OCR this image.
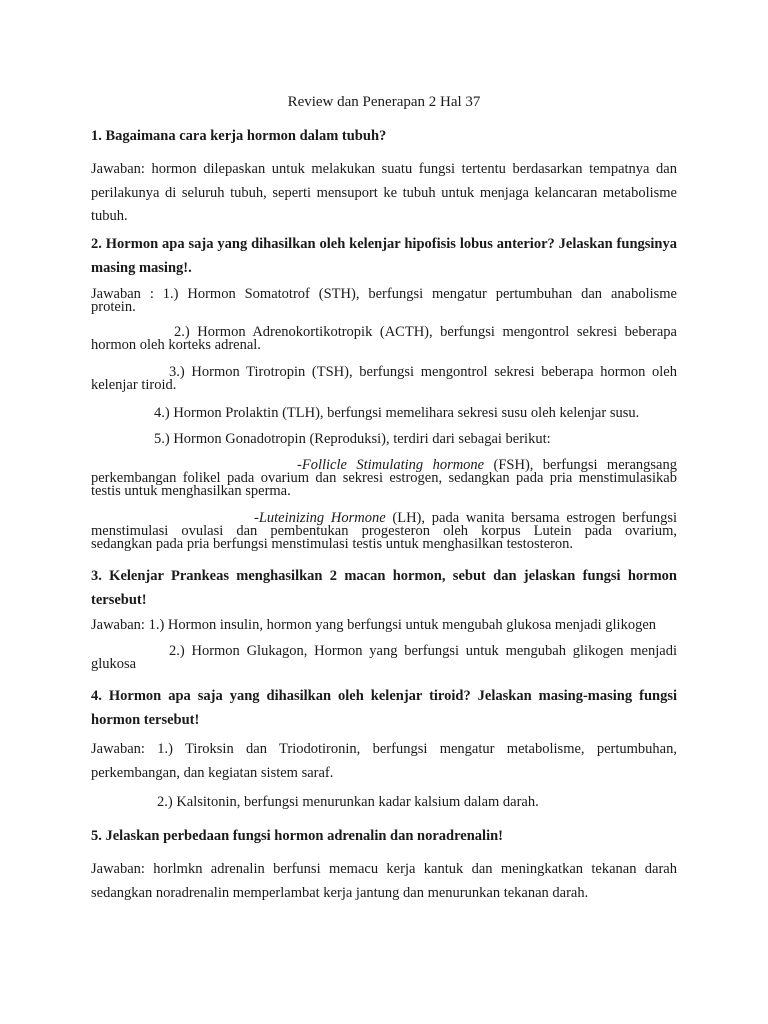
Review dan Penerapan 2 Hal 37

1. Bagaimana cara kerja hormon dalam tubuh?

Jawaban: hormon dilepaskan untuk melakukan suatu fungsi tertentu berdasarkan tempatnya dan perilakunya di seluruh tubuh, seperti mensuport ke tubuh untuk menjaga kelancaran metabolisme tubuh.

2. Hormon apa saja yang dihasilkan oleh kelenjar hipofisis lobus anterior? Jelaskan fungsinya masing masing!.

Jawaban : 1.) Hormon Somatotrof (STH), berfungsi mengatur pertumbuhan dan anabolisme
protein.
2.) Hormon Adrenokortikotropik (ACTH), berfungsi mengontrol sekresi beberapa
hormon oleh korteks adrenal.
3.) Hormon Tirotropin (TSH), berfungsi mengontrol sekresi beberapa hormon oleh
kelenjar tiroid.
4.) Hormon Prolaktin (TLH), berfungsi memelihara sekresi susu oleh kelenjar susu.
5.) Hormon Gonadotropin (Reproduksi), terdiri dari sebagai berikut:
-Follicle Stimulating hormone (FSH), berfungsi merangsang
perkembangan folikel pada ovarium dan sekresi estrogen, sedangkan pada pria menstimulasikab
testis untuk menghasilkan sperma.
-Luteinizing Hormone (LH), pada wanita bersama estrogen berfungsi
menstimulasi ovulasi dan pembentukan progesteron oleh korpus Lutein pada ovarium,
sedangkan pada pria berfungsi menstimulasi testis untuk menghasilkan testosteron.

3. Kelenjar Prankeas menghasilkan 2 macan hormon, sebut dan jelaskan fungsi hormon tersebut!

Jawaban: 1.) Hormon insulin, hormon yang berfungsi untuk mengubah glukosa menjadi glikogen
2.) Hormon Glukagon, Hormon yang berfungsi untuk mengubah glikogen menjadi
glukosa

4. Hormon apa saja yang dihasilkan oleh kelenjar tiroid? Jelaskan masing-masing fungsi hormon tersebut!

Jawaban: 1.) Tiroksin dan Triodotironin, berfungsi mengatur metabolisme, pertumbuhan, perkembangan, dan kegiatan sistem saraf.

2.) Kalsitonin, berfungsi menurunkan kadar kalsium dalam darah.

5. Jelaskan perbedaan fungsi hormon adrenalin dan noradrenalin!

Jawaban: horlmkn adrenalin berfunsi memacu kerja kantuk dan meningkatkan tekanan darah sedangkan noradrenalin memperlambat kerja jantung dan menurunkan tekanan darah.
